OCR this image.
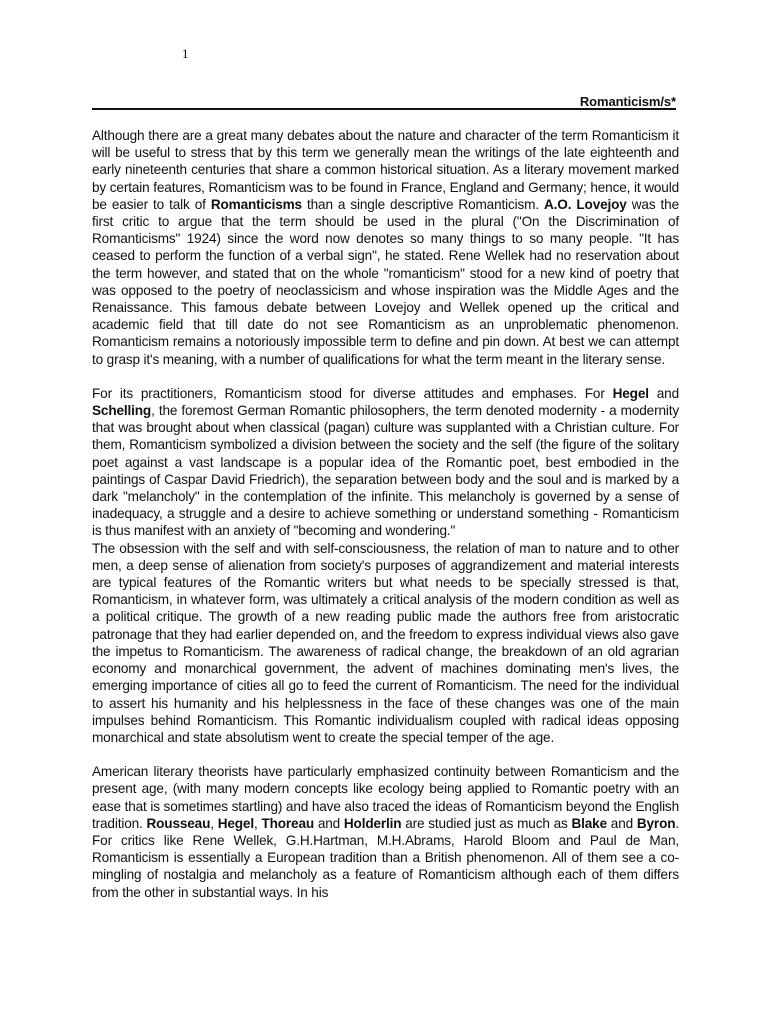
1
Romanticism/s*

Although there are a great many debates about the nature and character of the term Romanticism it will be useful to stress that by this term we generally mean the writings of the late eighteenth and early nineteenth centuries that share a common historical situation. As a literary movement marked by certain features, Romanticism was to be found in France, England and Germany; hence, it would be easier to talk of Romanticisms than a single descriptive Romanticism. A.O. Lovejoy was the first critic to argue that the term should be used in the plural ("On the Discrimination of Romanticisms" 1924) since the word now denotes so many things to so many people. "It has ceased to perform the function of a verbal sign", he stated. Rene Wellek had no reservation about the term however, and stated that on the whole "romanticism" stood for a new kind of poetry that was opposed to the poetry of neoclassicism and whose inspiration was the Middle Ages and the Renaissance. This famous debate between Lovejoy and Wellek opened up the critical and academic field that till date do not see Romanticism as an unproblematic phenomenon. Romanticism remains a notoriously impossible term to define and pin down. At best we can attempt to grasp it's meaning, with a number of qualifications for what the term meant in the literary sense.

For its practitioners, Romanticism stood for diverse attitudes and emphases. For Hegel and Schelling, the foremost German Romantic philosophers, the term denoted modernity - a modernity that was brought about when classical (pagan) culture was supplanted with a Christian culture. For them, Romanticism symbolized a division between the society and the self (the figure of the solitary poet against a vast landscape is a popular idea of the Romantic poet, best embodied in the paintings of Caspar David Friedrich), the separation between body and the soul and is marked by a dark "melancholy" in the contemplation of the infinite. This melancholy is governed by a sense of inadequacy, a struggle and a desire to achieve something or understand something - Romanticism is thus manifest with an anxiety of "becoming and wondering."

The obsession with the self and with self-consciousness, the relation of man to nature and to other men, a deep sense of alienation from society's purposes of aggrandizement and material interests are typical features of the Romantic writers but what needs to be specially stressed is that, Romanticism, in whatever form, was ultimately a critical analysis of the modern condition as well as a political critique. The growth of a new reading public made the authors free from aristocratic patronage that they had earlier depended on, and the freedom to express individual views also gave the impetus to Romanticism. The awareness of radical change, the breakdown of an old agrarian economy and monarchical government, the advent of machines dominating men's lives, the emerging importance of cities all go to feed the current of Romanticism. The need for the individual to assert his humanity and his helplessness in the face of these changes was one of the main impulses behind Romanticism. This Romantic individualism coupled with radical ideas opposing monarchical and state absolutism went to create the special temper of the age.

American literary theorists have particularly emphasized continuity between Romanticism and the present age, (with many modern concepts like ecology being applied to Romantic poetry with an ease that is sometimes startling) and have also traced the ideas of Romanticism beyond the English tradition. Rousseau, Hegel, Thoreau and Holderlin are studied just as much as Blake and Byron. For critics like Rene Wellek, G.H.Hartman, M.H.Abrams, Harold Bloom and Paul de Man, Romanticism is essentially a European tradition than a British phenomenon. All of them see a co-mingling of nostalgia and melancholy as a feature of Romanticism although each of them differs from the other in substantial ways. In his
